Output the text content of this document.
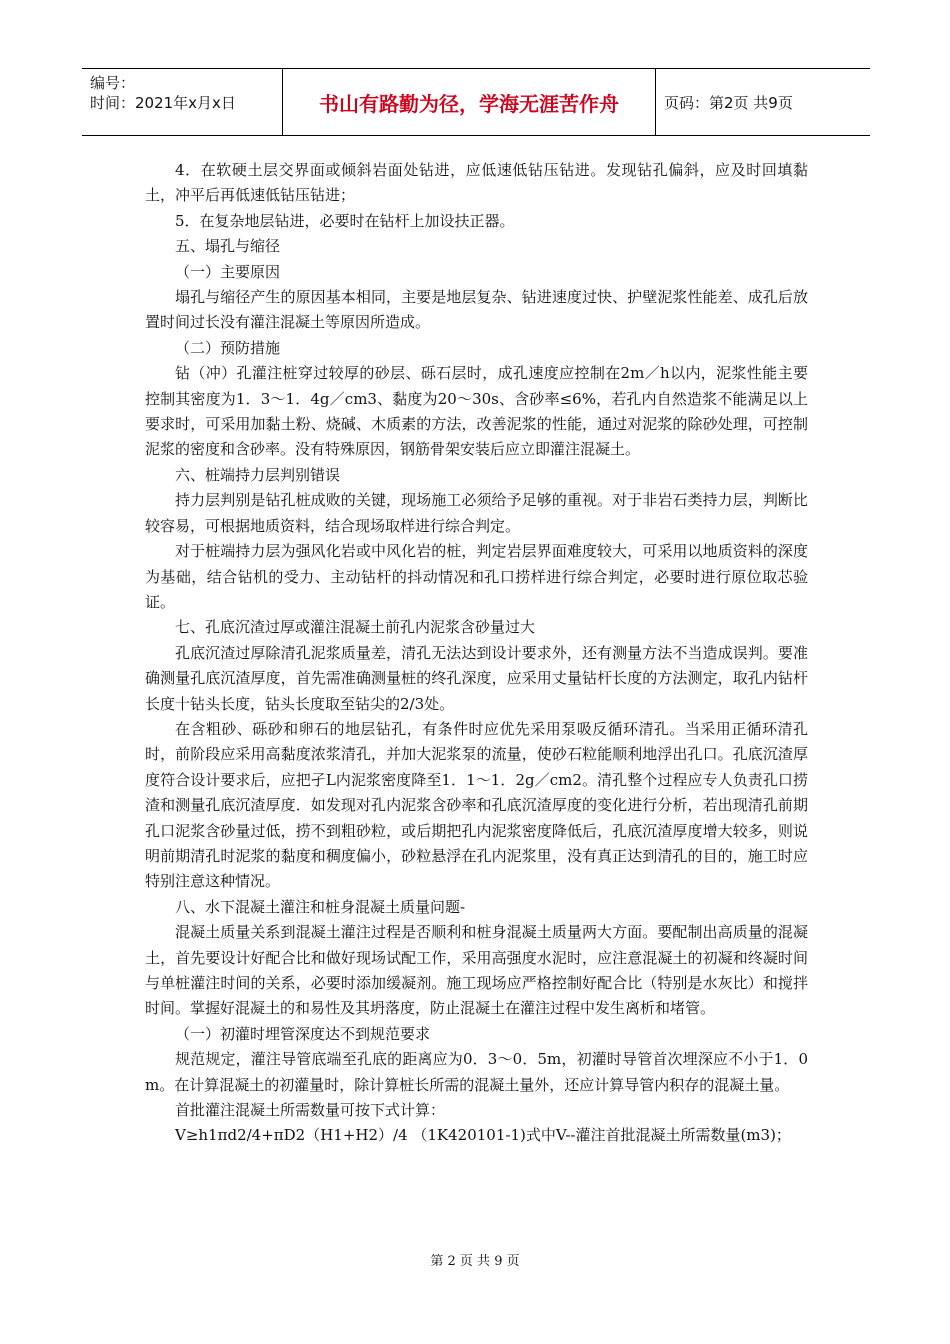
编号：
时间：2021年x月x日	书山有路勤为径，学海无涯苦作舟	页码：第2页 共9页

4．在软硬土层交界面或倾斜岩面处钻进，应低速低钻压钻进。发现钻孔偏斜，应及时回填黏土，冲平后再低速低钻压钻进；

5．在复杂地层钻进，必要时在钻杆上加设扶正器。

五、塌孔与缩径

（一）主要原因

塌孔与缩径产生的原因基本相同，主要是地层复杂、钻进速度过快、护壁泥浆性能差、成孔后放置时间过长没有灌注混凝土等原因所造成。

（二）预防措施

钻（冲）孔灌注桩穿过较厚的砂层、砾石层时，成孔速度应控制在2m／h以内，泥浆性能主要控制其密度为1．3～1．4g／cm3、黏度为20～30s、含砂率≤6%，若孔内自然造浆不能满足以上要求时，可采用加黏土粉、烧碱、木质素的方法，改善泥浆的性能，通过对泥浆的除砂处理，可控制泥浆的密度和含砂率。没有特殊原因，钢筋骨架安装后应立即灌注混凝土。

六、桩端持力层判别错误

持力层判别是钻孔桩成败的关键，现场施工必须给予足够的重视。对于非岩石类持力层，判断比较容易，可根据地质资料，结合现场取样进行综合判定。

对于桩端持力层为强风化岩或中风化岩的桩，判定岩层界面难度较大，可采用以地质资料的深度为基础，结合钻机的受力、主动钻杆的抖动情况和孔口捞样进行综合判定，必要时进行原位取芯验证。

七、孔底沉渣过厚或灌注混凝土前孔内泥浆含砂量过大

孔底沉渣过厚除清孔泥浆质量差，清孔无法达到设计要求外，还有测量方法不当造成误判。要准确测量孔底沉渣厚度，首先需准确测量桩的终孔深度，应采用丈量钻杆长度的方法测定，取孔内钻杆长度十钻头长度，钻头长度取至钻尖的2/3处。

在含粗砂、砾砂和卵石的地层钻孔，有条件时应优先采用泵吸反循环清孔。当采用正循环清孔时，前阶段应采用高黏度浓浆清孔，并加大泥浆泵的流量，使砂石粒能顺利地浮出孔口。孔底沉渣厚度符合设计要求后，应把孑L内泥浆密度降至1．1～1．2g／cm2。清孔整个过程应专人负责孔口捞渣和测量孔底沉渣厚度．如发现对孔内泥浆含砂率和孔底沉渣厚度的变化进行分析，若出现清孔前期孔口泥浆含砂量过低，捞不到粗砂粒，或后期把孔内泥浆密度降低后，孔底沉渣厚度增大较多，则说明前期清孔时泥浆的黏度和稠度偏小，砂粒悬浮在孔内泥浆里，没有真正达到清孔的目的，施工时应特别注意这种情况。

八、水下混凝土灌注和桩身混凝土质量问题-

混凝土质量关系到混凝土灌注过程是否顺利和桩身混凝土质量两大方面。要配制出高质量的混凝土，首先要设计好配合比和做好现场试配工作，采用高强度水泥时，应注意混凝土的初凝和终凝时间与单桩灌注时间的关系，必要时添加缓凝剂。施工现场应严格控制好配合比（特别是水灰比）和搅拌时间。掌握好混凝土的和易性及其坍落度，防止混凝土在灌注过程中发生离析和堵管。

（一）初灌时埋管深度达不到规范要求

规范规定，灌注导管底端至孔底的距离应为0．3～0．5m，初灌时导管首次埋深应不小于1．0m。在计算混凝土的初灌量时，除计算桩长所需的混凝土量外，还应计算导管内积存的混凝土量。

首批灌注混凝土所需数量可按下式计算：

V≥h1πd2/4+πD2（H1+H2）/4 （1K420101-1)式中V--灌注首批混凝土所需数量(m3)；

第 2 页 共 9 页
